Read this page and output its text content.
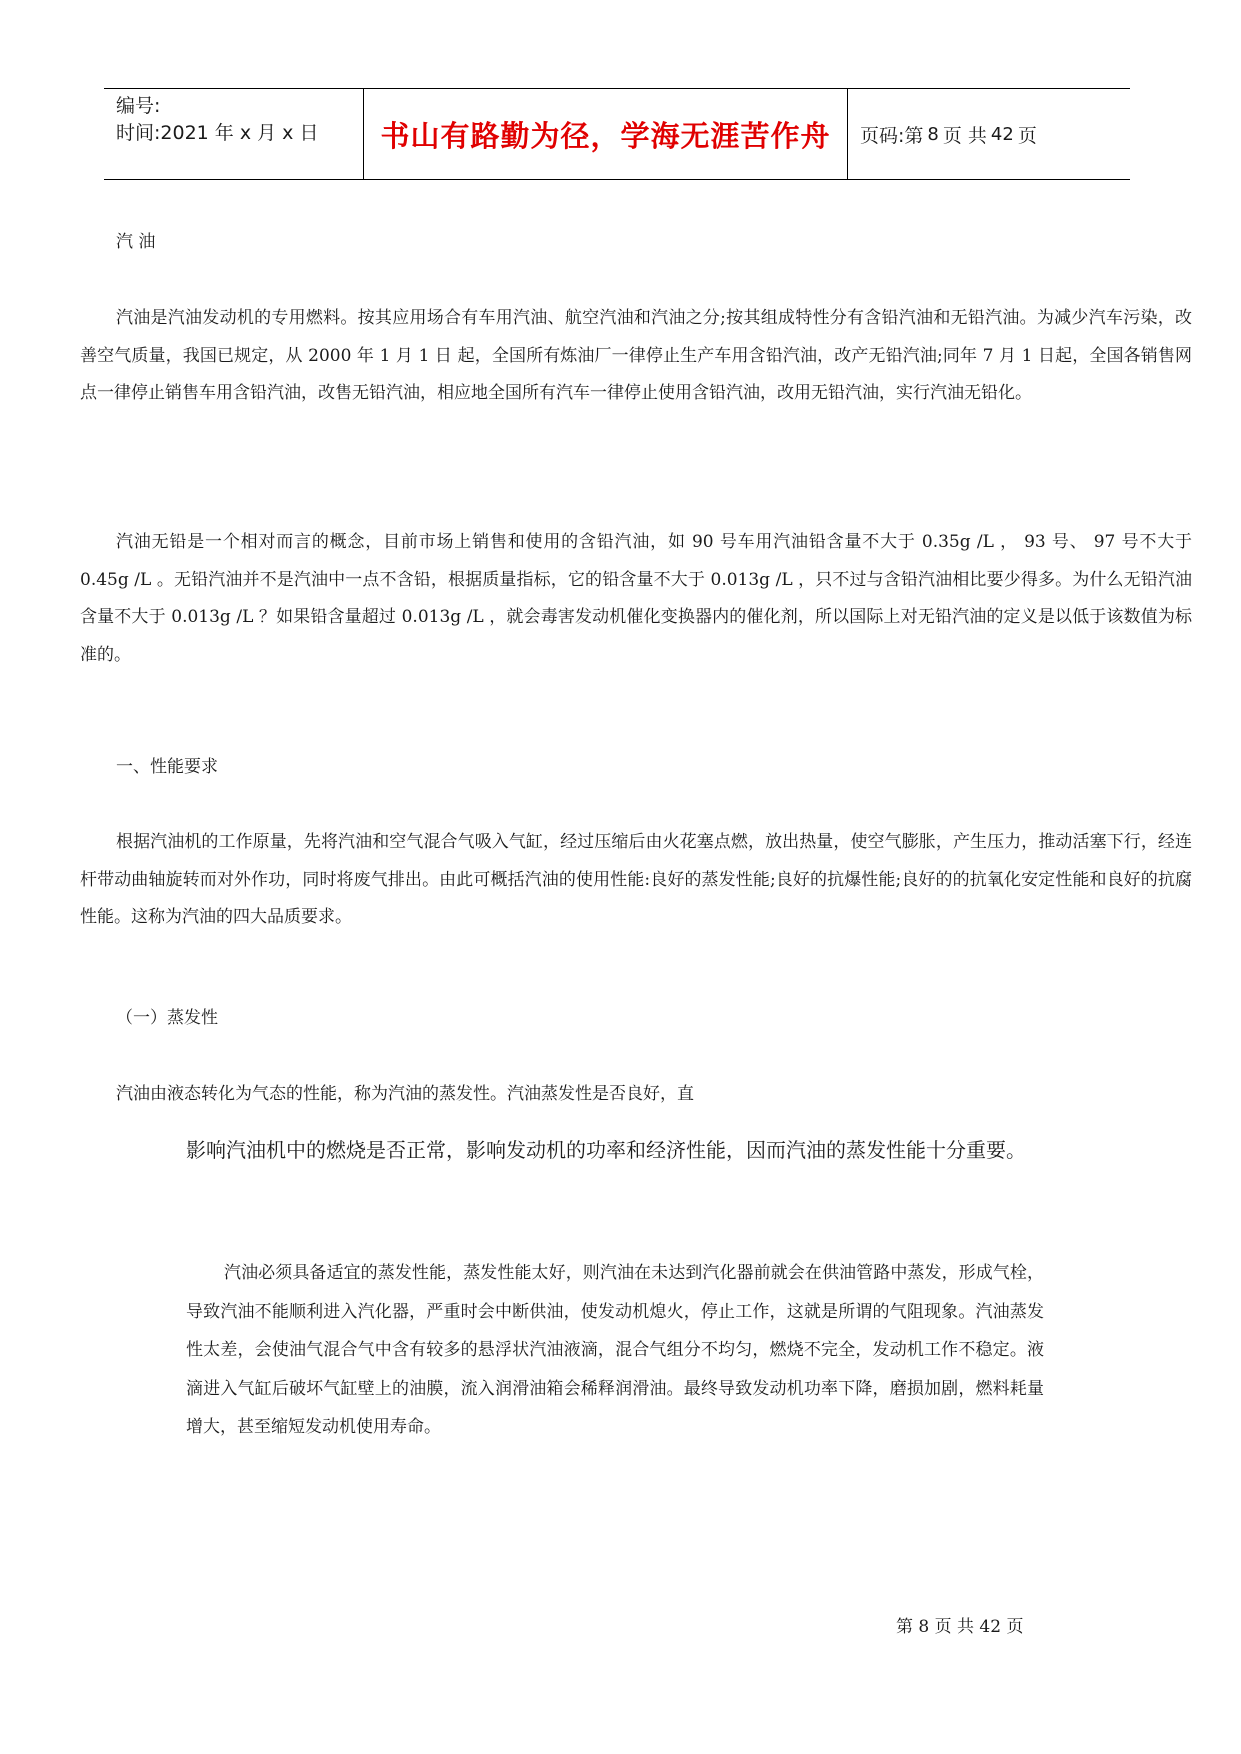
编号:
时间:2021 年 x 月 x 日	书山有路勤为径，学海无涯苦作舟 页码:第 8 页 共 42 页
汽 油
汽油是汽油发动机的专用燃料。按其应用场合有车用汽油、航空汽油和汽油之分;按其组成特性分有含铅汽油和无铅汽油。为减少汽车污染，改善空气质量，我国已规定，从 2000 年 1 月 1 日 起，全国所有炼油厂一律停止生产车用含铅汽油，改产无铅汽油;同年 7 月 1 日起，全国各销售网点一律停止销售车用含铅汽油，改售无铅汽油，相应地全国所有汽车一律停止使用含铅汽油，改用无铅汽油，实行汽油无铅化。
汽油无铅是一个相对而言的概念，目前市场上销售和使用的含铅汽油，如 90 号车用汽油铅含量不大于 0.35g /L ， 93 号、 97 号不大于 0.45g /L 。无铅汽油并不是汽油中一点不含铅，根据质量指标，它的铅含量不大于 0.013g /L ，只不过与含铅汽油相比要少得多。为什么无铅汽油含量不大于 0.013g /L ？如果铅含量超过 0.013g /L ，就会毒害发动机催化变换器内的催化剂，所以国际上对无铅汽油的定义是以低于该数值为标准的。
一、性能要求
根据汽油机的工作原量，先将汽油和空气混合气吸入气缸，经过压缩后由火花塞点燃，放出热量，使空气膨胀，产生压力，推动活塞下行，经连杆带动曲轴旋转而对外作功，同时将废气排出。由此可概括汽油的使用性能:良好的蒸发性能;良好的抗爆性能;良好的的抗氧化安定性能和良好的抗腐性能。这称为汽油的四大品质要求。
（一）蒸发性
汽油由液态转化为气态的性能，称为汽油的蒸发性。汽油蒸发性是否良好，直
影响汽油机中的燃烧是否正常，影响发动机的功率和经济性能，因而汽油的蒸发性能十分重要。
汽油必须具备适宜的蒸发性能，蒸发性能太好，则汽油在未达到汽化器前就会在供油管路中蒸发，形成气栓，导致汽油不能顺利进入汽化器，严重时会中断供油，使发动机熄火，停止工作，这就是所谓的气阻现象。汽油蒸发性太差，会使油气混合气中含有较多的悬浮状汽油液滴，混合气组分不均匀，燃烧不完全，发动机工作不稳定。液滴进入气缸后破坏气缸壁上的油膜，流入润滑油箱会稀释润滑油。最终导致发动机功率下降，磨损加剧，燃料耗量增大，甚至缩短发动机使用寿命。
第 8 页 共 42 页
